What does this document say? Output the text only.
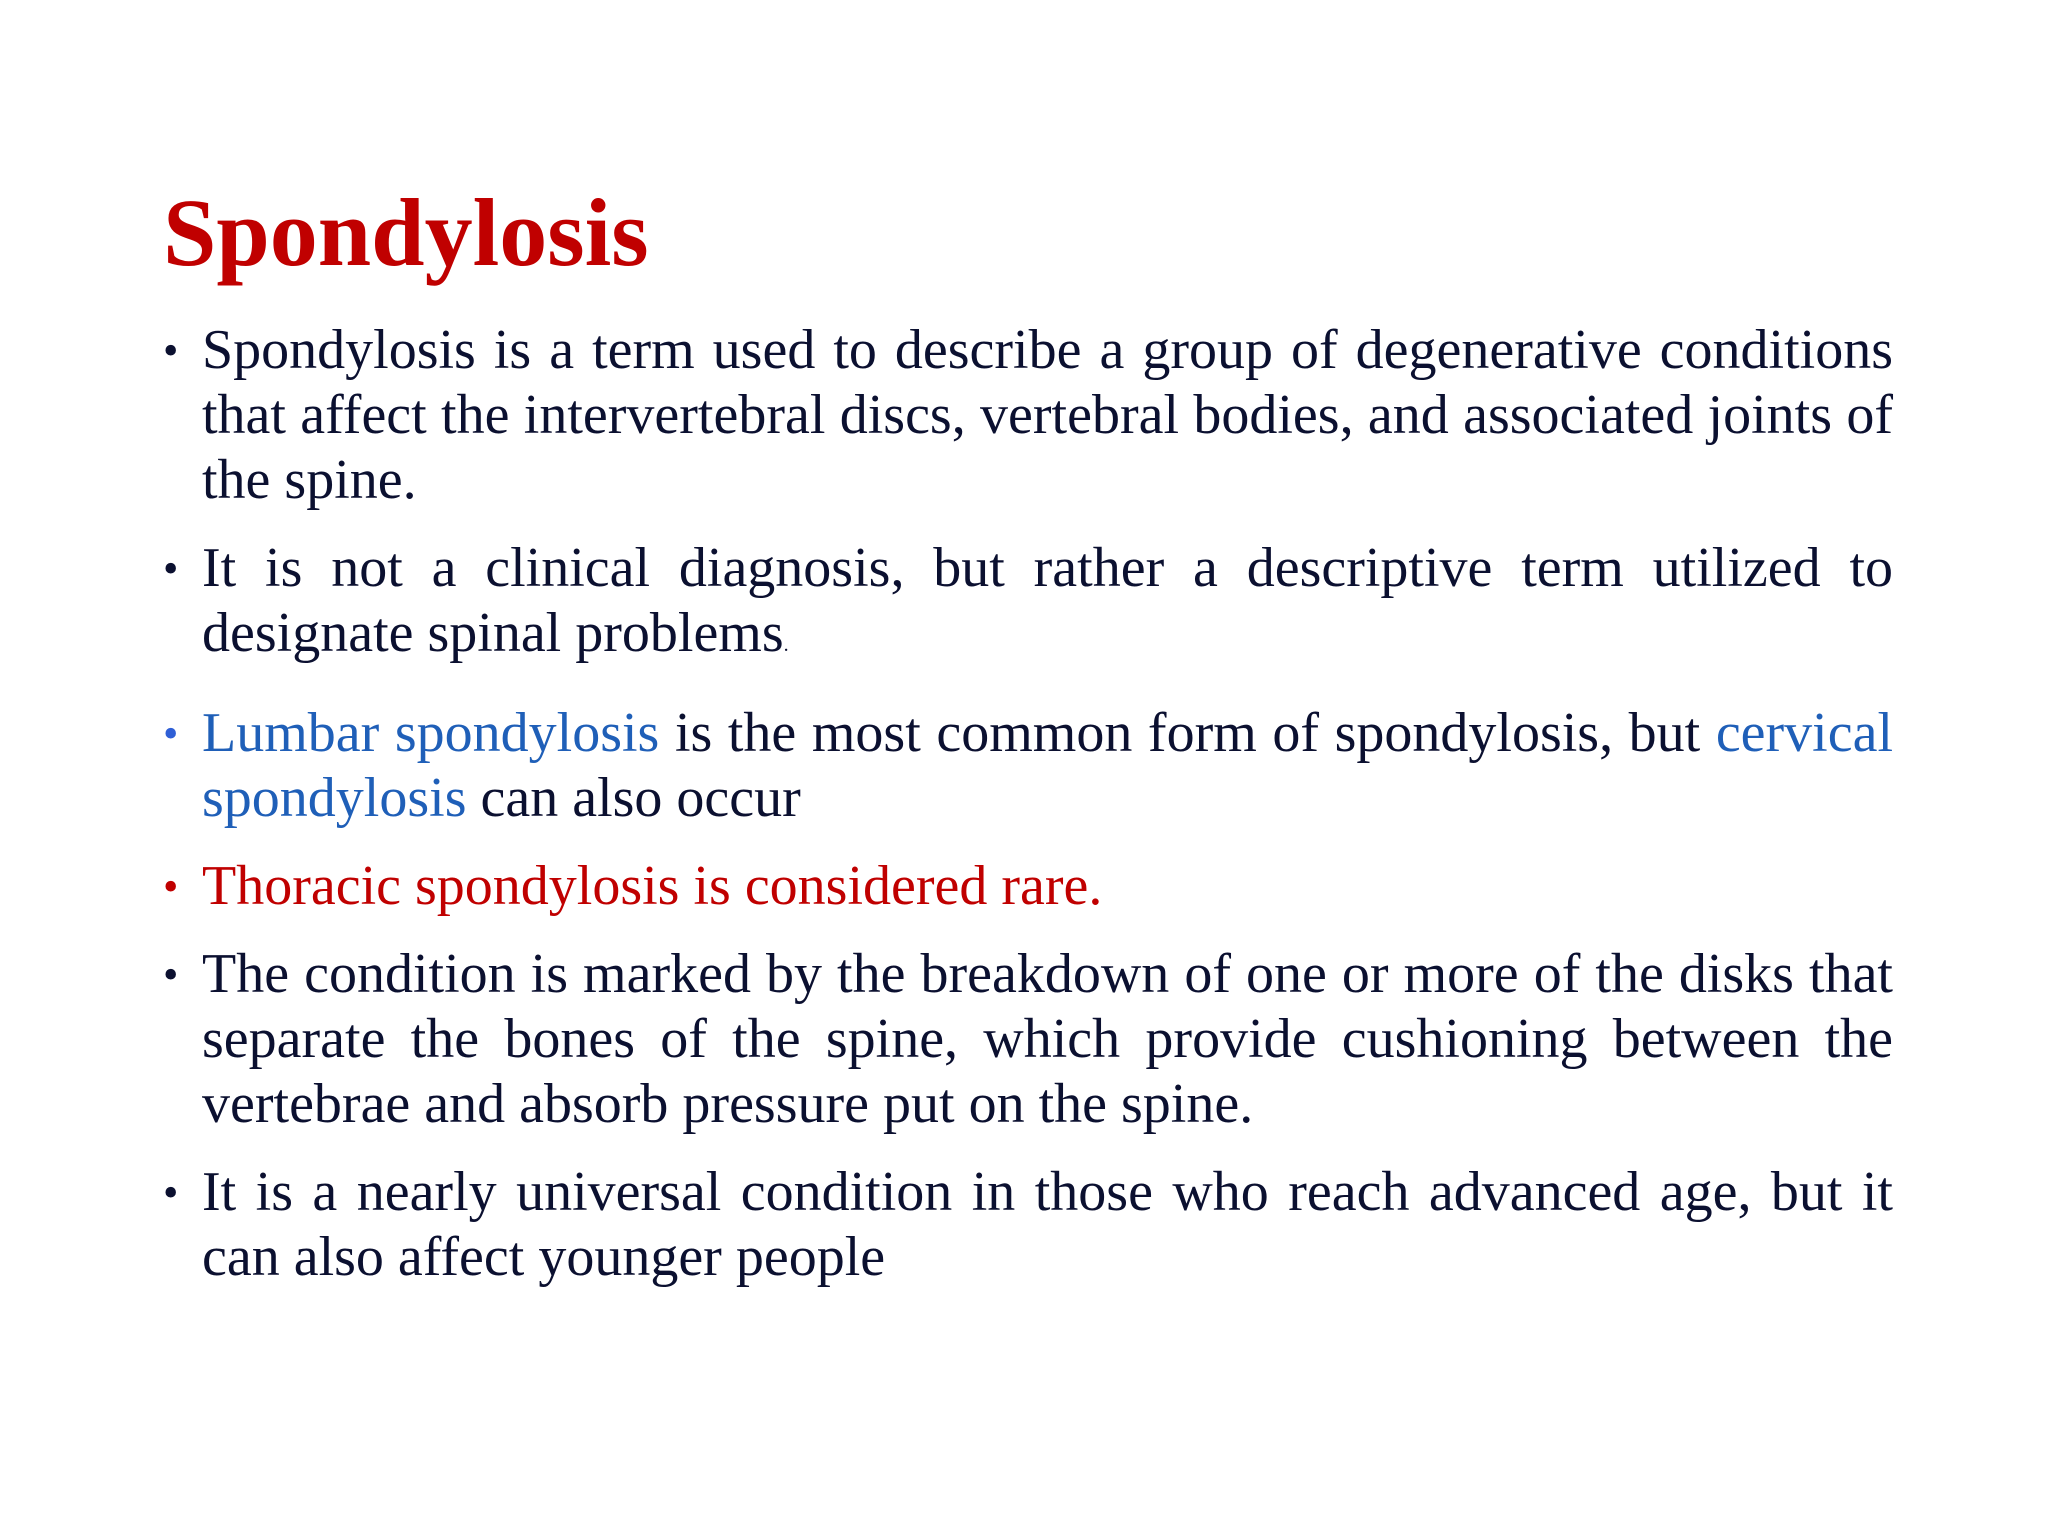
Spondylosis
• Spondylosis is a term used to describe a group of degenerative conditions that affect the intervertebral discs, vertebral bodies, and associated joints of the spine.
• It is not a clinical diagnosis, but rather a descriptive term utilized to designate spinal problems.
• Lumbar spondylosis is the most common form of spondylosis, but cervical spondylosis can also occur
• Thoracic spondylosis is considered rare.
• The condition is marked by the breakdown of one or more of the disks that separate the bones of the spine, which provide cushioning between the vertebrae and absorb pressure put on the spine.
• It is a nearly universal condition in those who reach advanced age, but it can also affect younger people
